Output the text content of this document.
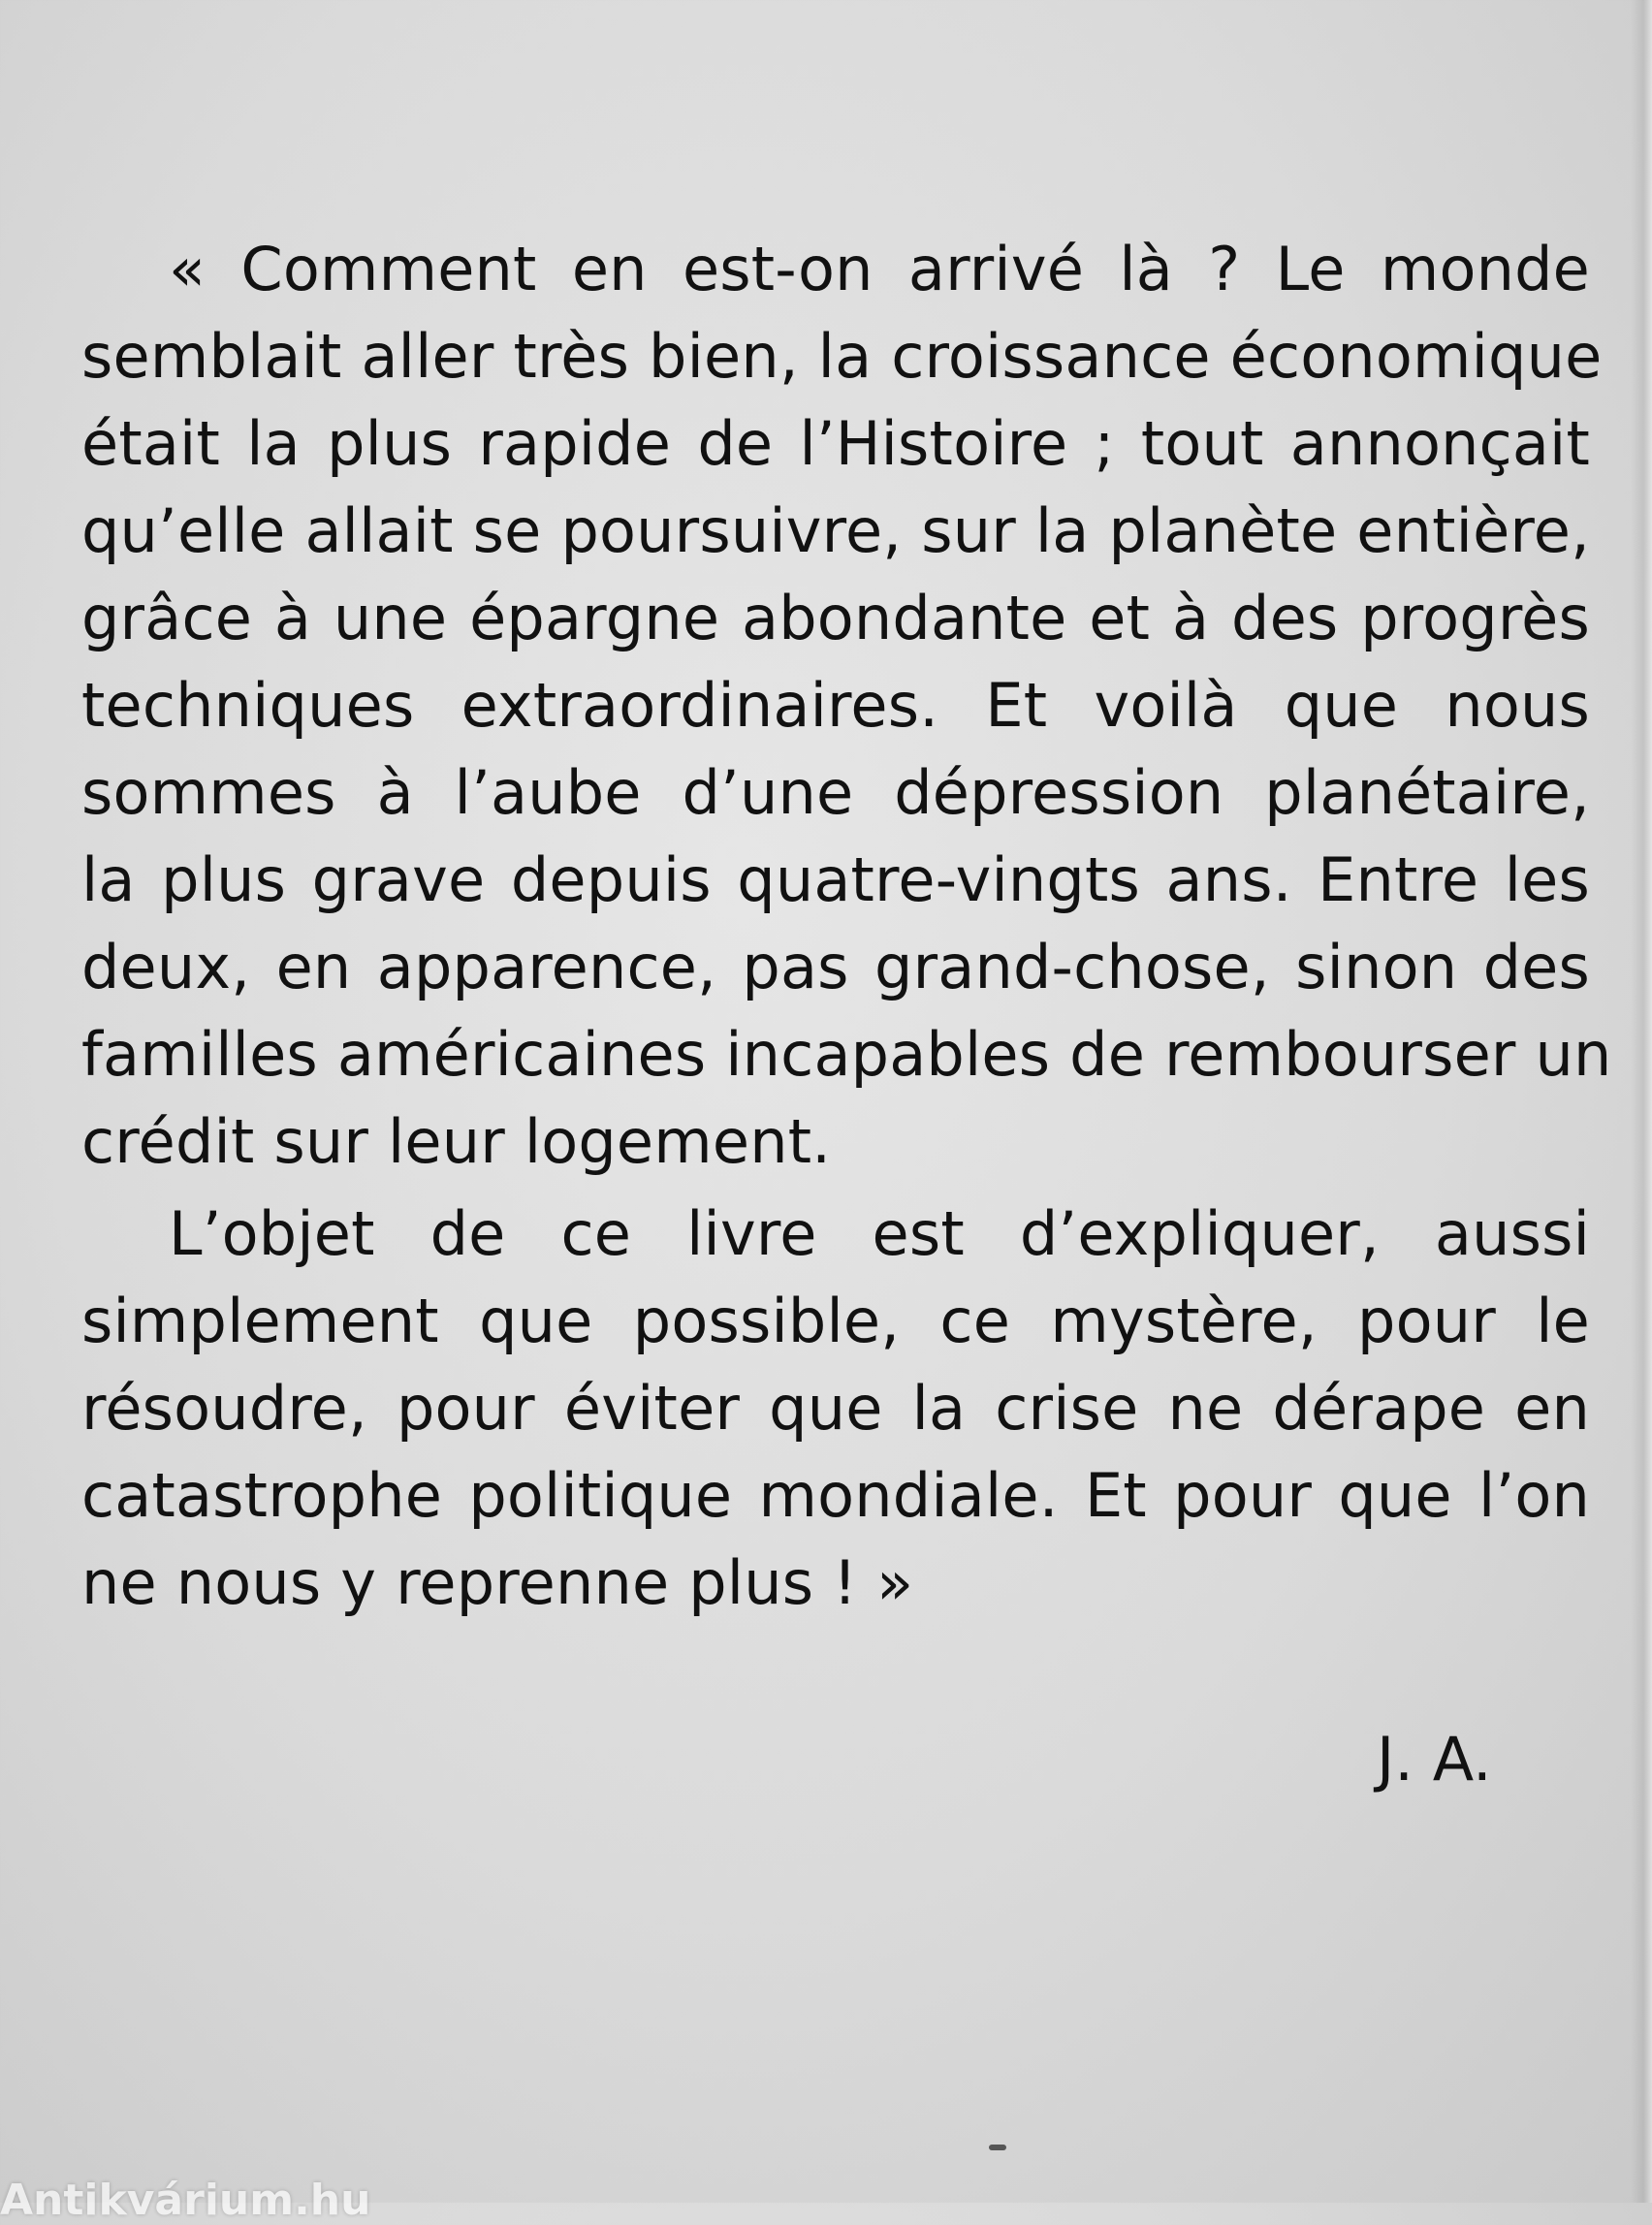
« Comment en est-on arrivé là ? Le monde

semblait aller très bien, la croissance économique

était la plus rapide de l’Histoire ; tout annonçait

qu’elle allait se poursuivre, sur la planète entière,

grâce à une épargne abondante et à des progrès

techniques extraordinaires. Et voilà que nous

sommes à l’aube d’une dépression planétaire,

la plus grave depuis quatre-vingts ans. Entre les

deux, en apparence, pas grand-chose, sinon des

familles américaines incapables de rembourser un

crédit sur leur logement.

L’objet de ce livre est d’expliquer, aussi

simplement que possible, ce mystère, pour le

résoudre, pour éviter que la crise ne dérape en

catastrophe politique mondiale. Et pour que l’on

ne nous y reprenne plus ! »

J. A.

Antikvárium.hu
